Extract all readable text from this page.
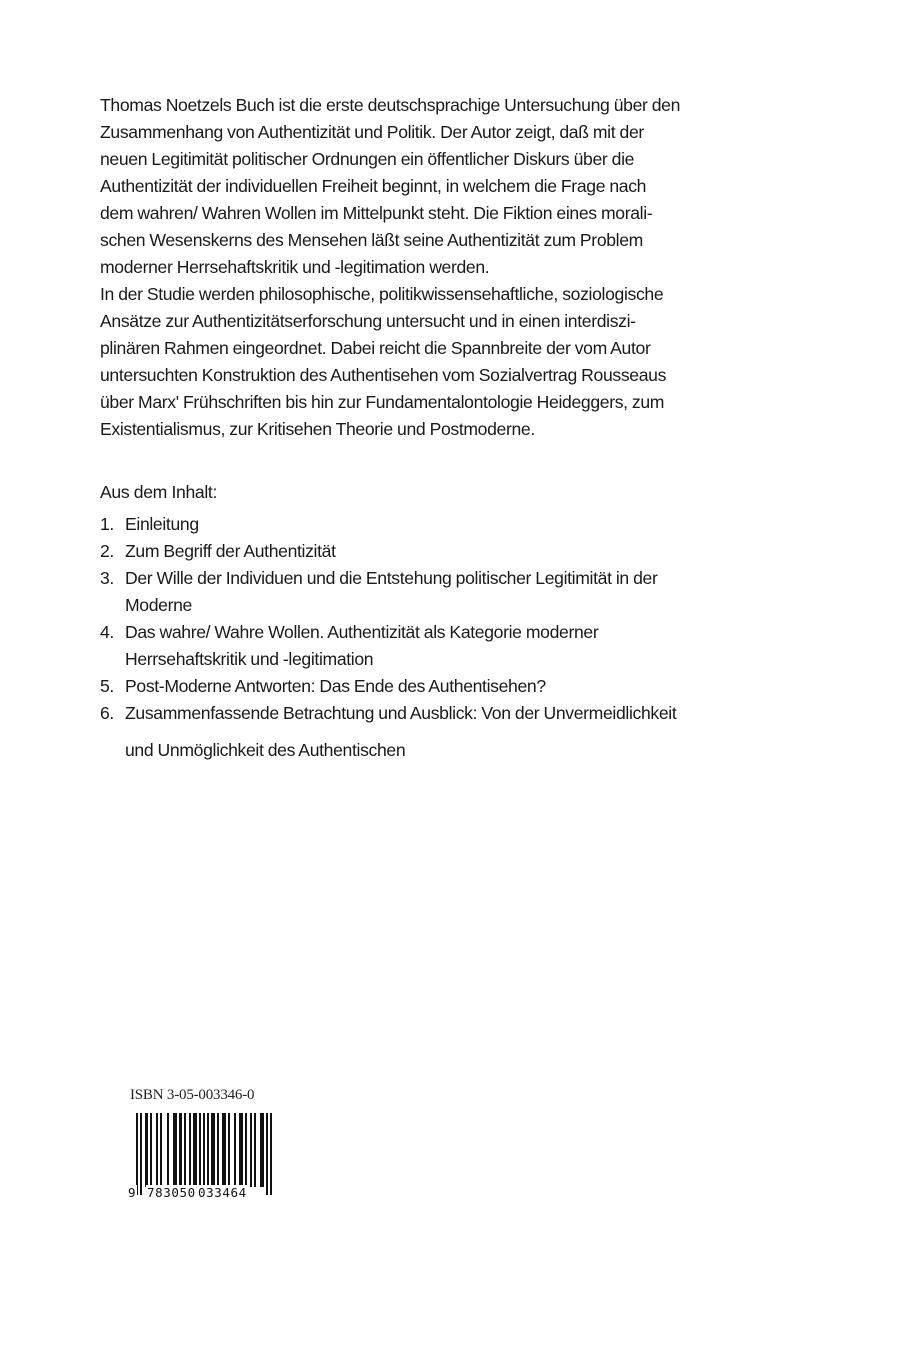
Thomas Noetzels Buch ist die erste deutschsprachige Untersuchung über den

Zusammenhang von Authentizität und Politik. Der Autor zeigt, daß mit der

neuen Legitimität politischer Ordnungen ein öffentlicher Diskurs über die

Authentizität der individuellen Freiheit beginnt, in welchem die Frage nach

dem wahren/ Wahren Wollen im Mittelpunkt steht. Die Fiktion eines morali-

schen Wesenskerns des Mensehen läßt seine Authentizität zum Problem

moderner Herrsehaftskritik und -legitimation werden.

In der Studie werden philosophische, politikwissensehaftliche, soziologische

Ansätze zur Authentizitätserforschung untersucht und in einen interdiszi-

plinären Rahmen eingeordnet. Dabei reicht die Spannbreite der vom Autor

untersuchten Konstruktion des Authentisehen vom Sozialvertrag Rousseaus

über Marx' Frühschriften bis hin zur Fundamentalontologie Heideggers, zum

Existentialismus, zur Kritisehen Theorie und Postmoderne.

Aus dem Inhalt:
1. Einleitung
2. Zum Begriff der Authentizität
3. Der Wille der Individuen und die Entstehung politischer Legitimität in der
Moderne
4. Das wahre/ Wahre Wollen. Authentizität als Kategorie moderner
Herrsehaftskritik und -legitimation
5. Post-Moderne Antworten: Das Ende des Authentisehen?
6. Zusammenfassende Betrachtung und Ausblick: Von der Unvermeidlichkeit
und Unmöglichkeit des Authentischen
ISBN 3-05-003346-0
9 783050 033464
